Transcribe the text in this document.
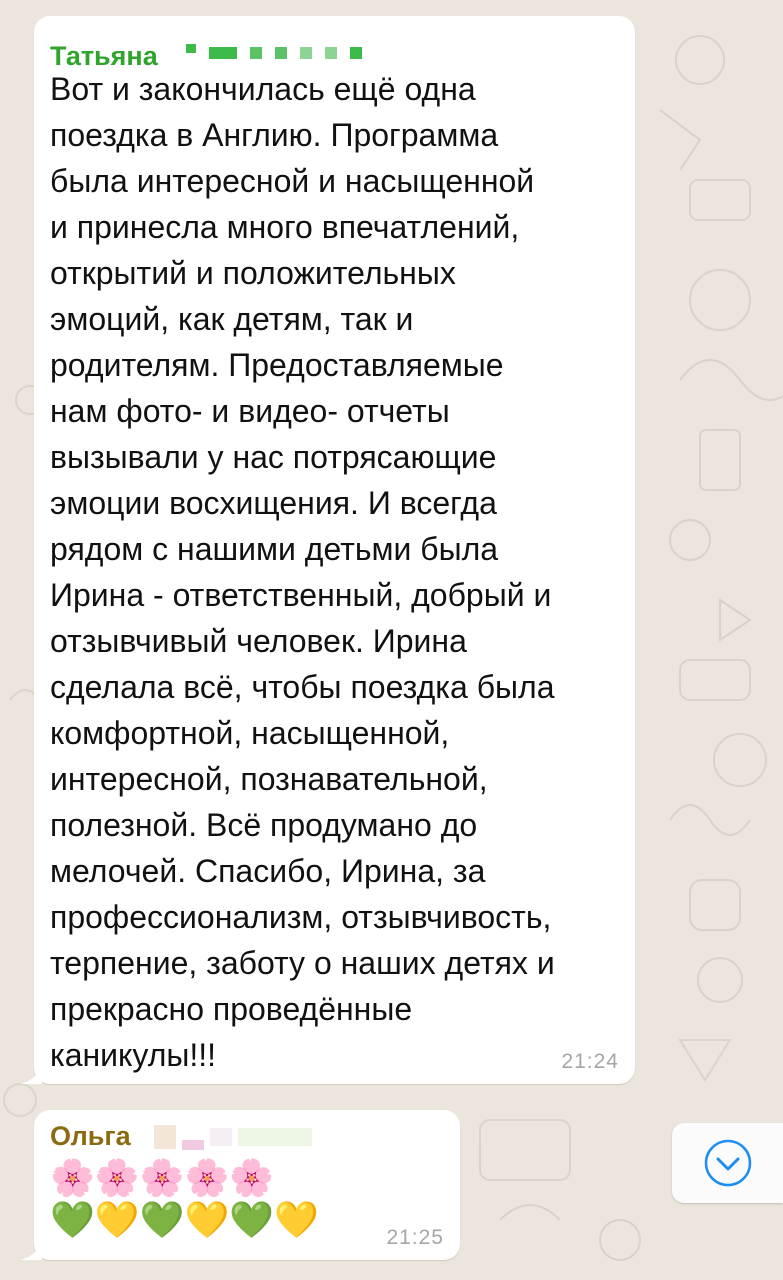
Татьяна
Вот и закончилась ещё одна
поездка в Англию. Программа
была интересной и насыщенной
и принесла много впечатлений,
открытий и положительных
эмоций, как детям, так и
родителям. Предоставляемые
нам фото- и видео- отчеты
вызывали у нас потрясающие
эмоции восхищения. И всегда
рядом с нашими детьми была
Ирина - ответственный, добрый и
отзывчивый человек. Ирина
сделала всё, чтобы поездка была
комфортной, насыщенной,
интересной, познавательной,
полезной. Всё продумано до
мелочей. Спасибо, Ирина, за
профессионализм, отзывчивость,
терпение, заботу о наших детях и
прекрасно проведённые
каникулы!!!	21:24
Ольга
🌸🌸🌸🌸🌸
💚💛💚💛💚💛	21:25
